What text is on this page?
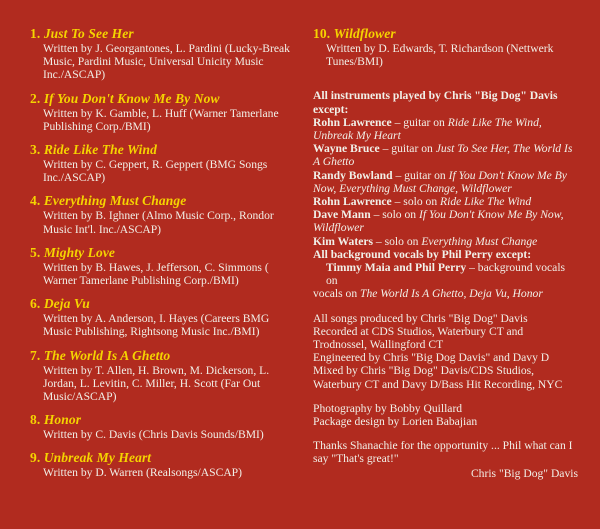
1. Just To See Her
Written by J. Georgantones, L. Pardini (Lucky-Break Music, Pardini Music, Universal Unicity Music Inc./ASCAP)
2. If You Don't Know Me By Now
Written by K. Gamble, L. Huff (Warner Tamerlane Publishing Corp./BMI)
3. Ride Like The Wind
Written by C. Geppert, R. Geppert (BMG Songs Inc./ASCAP)
4. Everything Must Change
Written by B. Ighner (Almo Music Corp., Rondor Music Int'l. Inc./ASCAP)
5. Mighty Love
Written by B. Hawes, J. Jefferson, C. Simmons ( Warner Tamerlane Publishing Corp./BMI)
6. Deja Vu
Written by A. Anderson, I. Hayes (Careers BMG Music Publishing, Rightsong Music Inc./BMI)
7. The World Is A Ghetto
Written by T. Allen, H. Brown, M. Dickerson, L. Jordan, L. Levitin, C. Miller, H. Scott (Far Out Music/ASCAP)
8. Honor
Written by C. Davis (Chris Davis Sounds/BMI)
9. Unbreak My Heart
Written by D. Warren (Realsongs/ASCAP)
10. Wildflower
Written by D. Edwards, T. Richardson (Nettwerk Tunes/BMI)

All instruments played by Chris "Big Dog" Davis except:

Rohn Lawrence – guitar on Ride Like The Wind, Unbreak My Heart

Wayne Bruce – guitar on Just To See Her, The World Is A Ghetto

Randy Bowland – guitar on If You Don't Know Me By Now, Everything Must Change, Wildflower

Rohn Lawrence – solo on Ride Like The Wind

Dave Mann – solo on If You Don't Know Me By Now, Wildflower

Kim Waters – solo on Everything Must Change

All background vocals by Phil Perry except:

Timmy Maia and Phil Perry – background vocals on

vocals on The World Is A Ghetto, Deja Vu, Honor

All songs produced by Chris "Big Dog" Davis

Recorded at CDS Studios, Waterbury CT and Trodnossel, Wallingford CT

Engineered by Chris "Big Dog Davis" and Davy D

Mixed by Chris "Big Dog" Davis/CDS Studios, Waterbury CT and Davy D/Bass Hit Recording, NYC

Photography by Bobby Quillard

Package design by Lorien Babajian

Thanks Shanachie for the opportunity ... Phil what can I say "That's great!"

Chris "Big Dog" Davis
